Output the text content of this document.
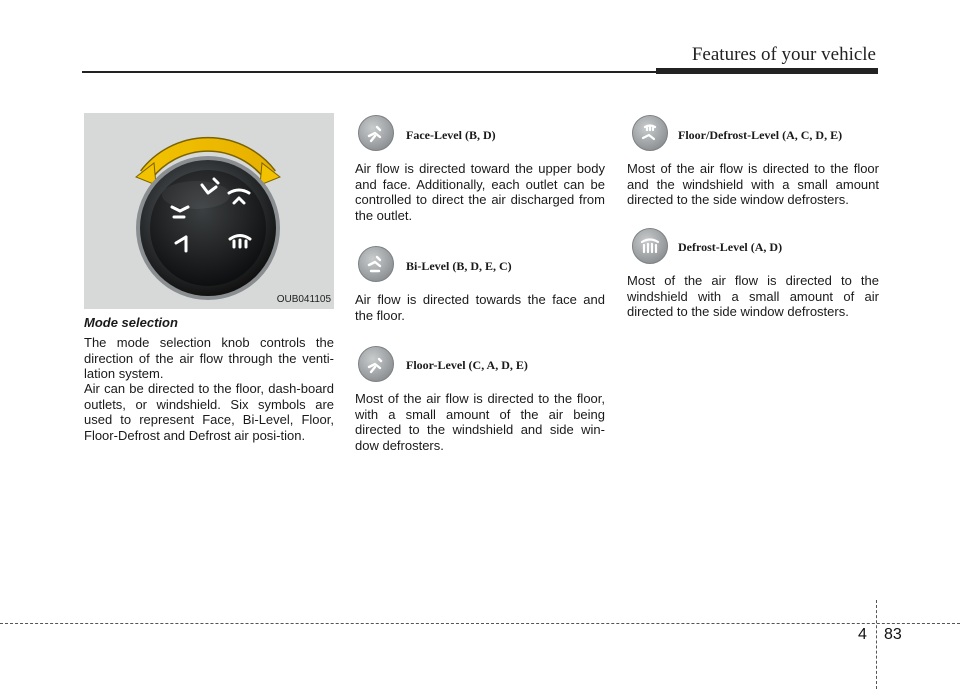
Features of your vehicle
OUB041105
Mode selection

The mode selection knob controls the direction of the air flow through the venti-lation system.

Air can be directed to the floor, dash-board outlets, or windshield. Six symbols are used to represent Face, Bi-Level, Floor, Floor-Defrost and Defrost air posi-tion.

Face-Level (B, D)

Air flow is directed toward the upper body and face. Additionally, each outlet can be controlled to direct the air discharged from the outlet.

Bi-Level (B, D, E, C)

Air flow is directed towards the face and the floor.

Floor-Level (C, A, D, E)

Most of the air flow is directed to the floor, with a small amount of the air being directed to the windshield and side win-dow defrosters.

Floor/Defrost-Level (A, C, D, E)

Most of the air flow is directed to the floor and the windshield with a small amount directed to the side window defrosters.

Defrost-Level (A, D)

Most of the air flow is directed to the windshield with a small amount of air directed to the side window defrosters.

4 83
